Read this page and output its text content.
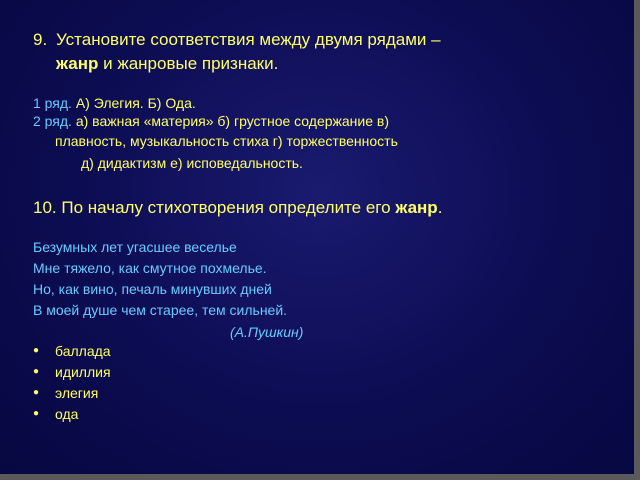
9. Установите соответствия между двумя рядами –
жанр и жанровые признаки.
1 ряд. А) Элегия. Б) Ода.
2 ряд. а) важная «материя» б) грустное содержание в)
плавность, музыкальность стиха г) торжественность
д) дидактизм е) исповедальность.
10. По началу стихотворения определите его жанр.
Безумных лет угасшее веселье
Мне тяжело, как смутное похмелье.
Но, как вино, печаль минувших дней
В моей душе чем старее, тем сильней.
(А.Пушкин)
● баллада
● идиллия
● элегия
● ода
